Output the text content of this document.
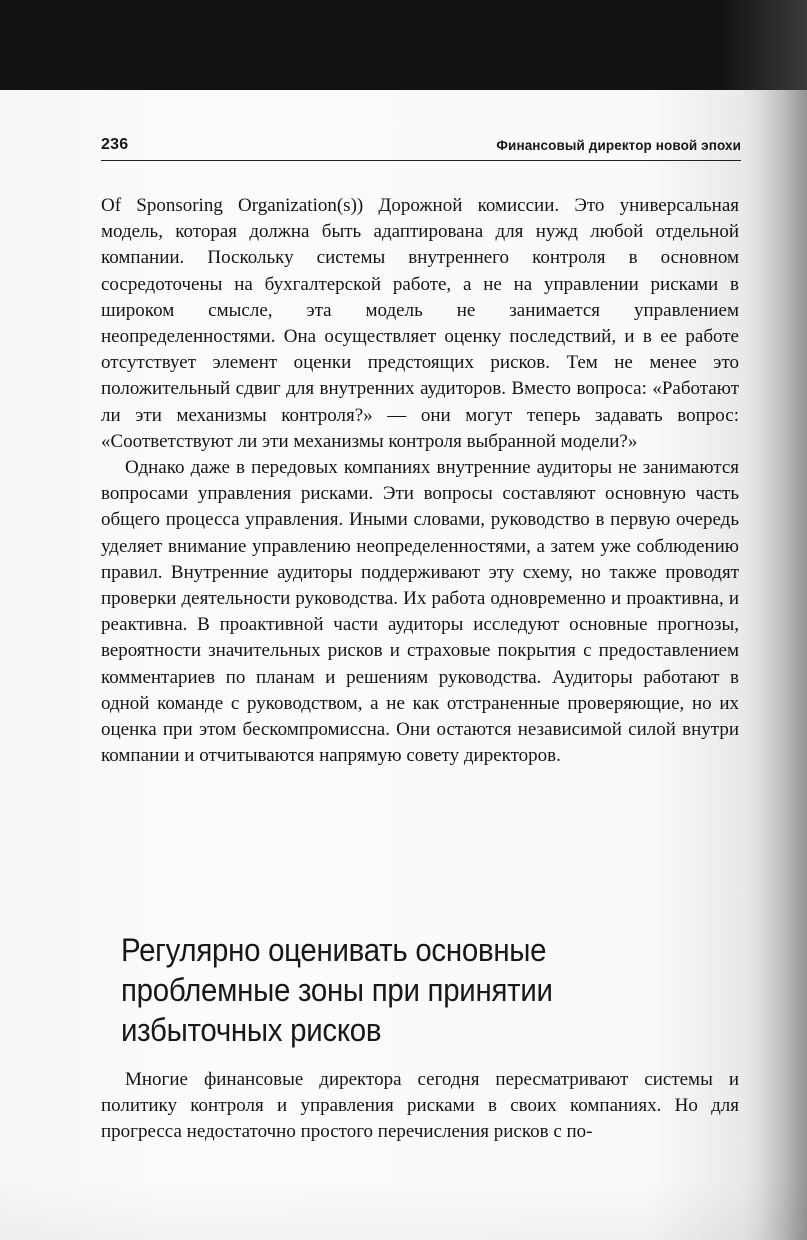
236	Финансовый директор новой эпохи

Of Sponsoring Organization(s)) Дорожной комиссии. Это универсальная модель, которая должна быть адаптирована для нужд любой отдельной компании. Поскольку системы внутреннего контроля в основном сосредоточены на бухгалтерской работе, а не на управлении рисками в широком смысле, эта модель не занимается управлением неопределенностями. Она осуществляет оценку последствий, и в ее работе отсутствует элемент оценки предстоящих рисков. Тем не менее это положительный сдвиг для внутренних аудиторов. Вместо вопроса: «Работают ли эти механизмы контроля?» — они могут теперь задавать вопрос: «Соответствуют ли эти механизмы контроля выбранной модели?»

Однако даже в передовых компаниях внутренние аудиторы не занимаются вопросами управления рисками. Эти вопросы составляют основную часть общего процесса управления. Иными словами, руководство в первую очередь уделяет внимание управлению неопределенностями, а затем уже соблюдению правил. Внутренние аудиторы поддерживают эту схему, но также проводят проверки деятельности руководства. Их работа одновременно и проактивна, и реактивна. В проактивной части аудиторы исследуют основные прогнозы, вероятности значительных рисков и страховые покрытия с предоставлением комментариев по планам и решениям руководства. Аудиторы работают в одной команде с руководством, а не как отстраненные проверяющие, но их оценка при этом бескомпромиссна. Они остаются независимой силой внутри компании и отчитываются напрямую совету директоров.

Регулярно оценивать основные проблемные зоны при принятии избыточных рисков

Многие финансовые директора сегодня пересматривают системы и политику контроля и управления рисками в своих компаниях. Но для прогресса недостаточно простого перечисления рисков с по-
